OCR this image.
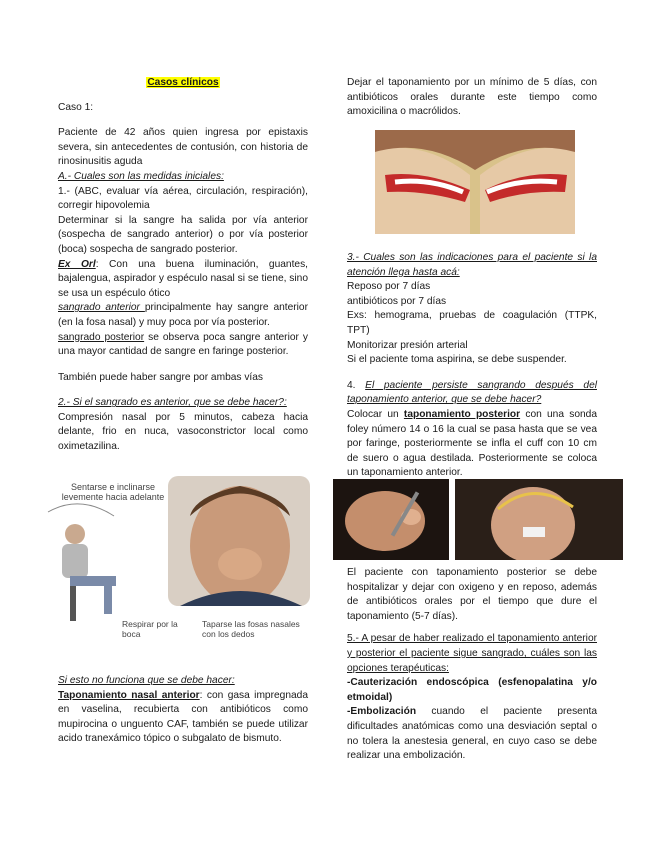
Casos clínicos

Caso 1:

Paciente de 42 años quien ingresa por epistaxis severa, sin antecedentes de contusión, con historia de rinosinusitis aguda

A.- Cuales son las medidas iniciales:

1.- (ABC, evaluar vía aérea, circulación, respiración), corregir hipovolemia

Determinar si la sangre ha salida por vía anterior (sospecha de sangrado anterior) o por vía posterior (boca) sospecha de sangrado posterior.

Ex Orl: Con una buena iluminación, guantes, bajalengua, aspirador y espéculo nasal si se tiene, sino se usa un espéculo ótico

sangrado anterior principalmente hay sangre anterior (en la fosa nasal) y muy poca por vía posterior.

sangrado posterior se observa poca sangre anterior y una mayor cantidad de sangre en faringe posterior.

También puede haber sangre por ambas vías

2.- Si el sangrado es anterior, que se debe hacer?:

Compresión nasal por 5 minutos, cabeza hacia delante, frio en nuca, vasoconstrictor local como oximetazilina.

Sentarse e inclinarse levemente hacia adelante
Respirar por la boca
Taparse las fosas nasales con los dedos

Si esto no funciona que se debe hacer:

Taponamiento nasal anterior: con gasa impregnada en vaselina, recubierta con antibióticos como mupirocina o unguento CAF, también se puede utilizar acido tranexámico tópico o subgalato de bismuto.

Dejar el taponamiento por un mínimo de 5 días, con antibióticos orales durante este tiempo como amoxicilina o macrólidos.

3.- Cuales son las indicaciones para el paciente si la atención llega hasta acá:

Reposo por 7 días

antibióticos por 7 días

Exs: hemograma, pruebas de coagulación (TTPK, TPT)

Monitorizar presión arterial

Si el paciente toma aspirina, se debe suspender.

4. El paciente persiste sangrando después del taponamiento anterior, que se debe hacer?

Colocar un taponamiento posterior con una sonda foley número 14 o 16 la cual se pasa hasta que se vea por faringe, posteriormente se infla el cuff con 10 cm de suero o agua destilada. Posteriormente se coloca un taponamiento anterior.

El paciente con taponamiento posterior se debe hospitalizar y dejar con oxigeno y en reposo, además de antibióticos orales por el tiempo que dure el taponamiento (5-7 días).

5.- A pesar de haber realizado el taponamiento anterior y posterior el paciente sigue sangrado, cuáles son las opciones terapéuticas:

-Cauterización endoscópica (esfenopalatina y/o etmoidal)

-Embolización cuando el paciente presenta dificultades anatómicas como una desviación septal o no tolera la anestesia general, en cuyo caso se debe realizar una embolización.
